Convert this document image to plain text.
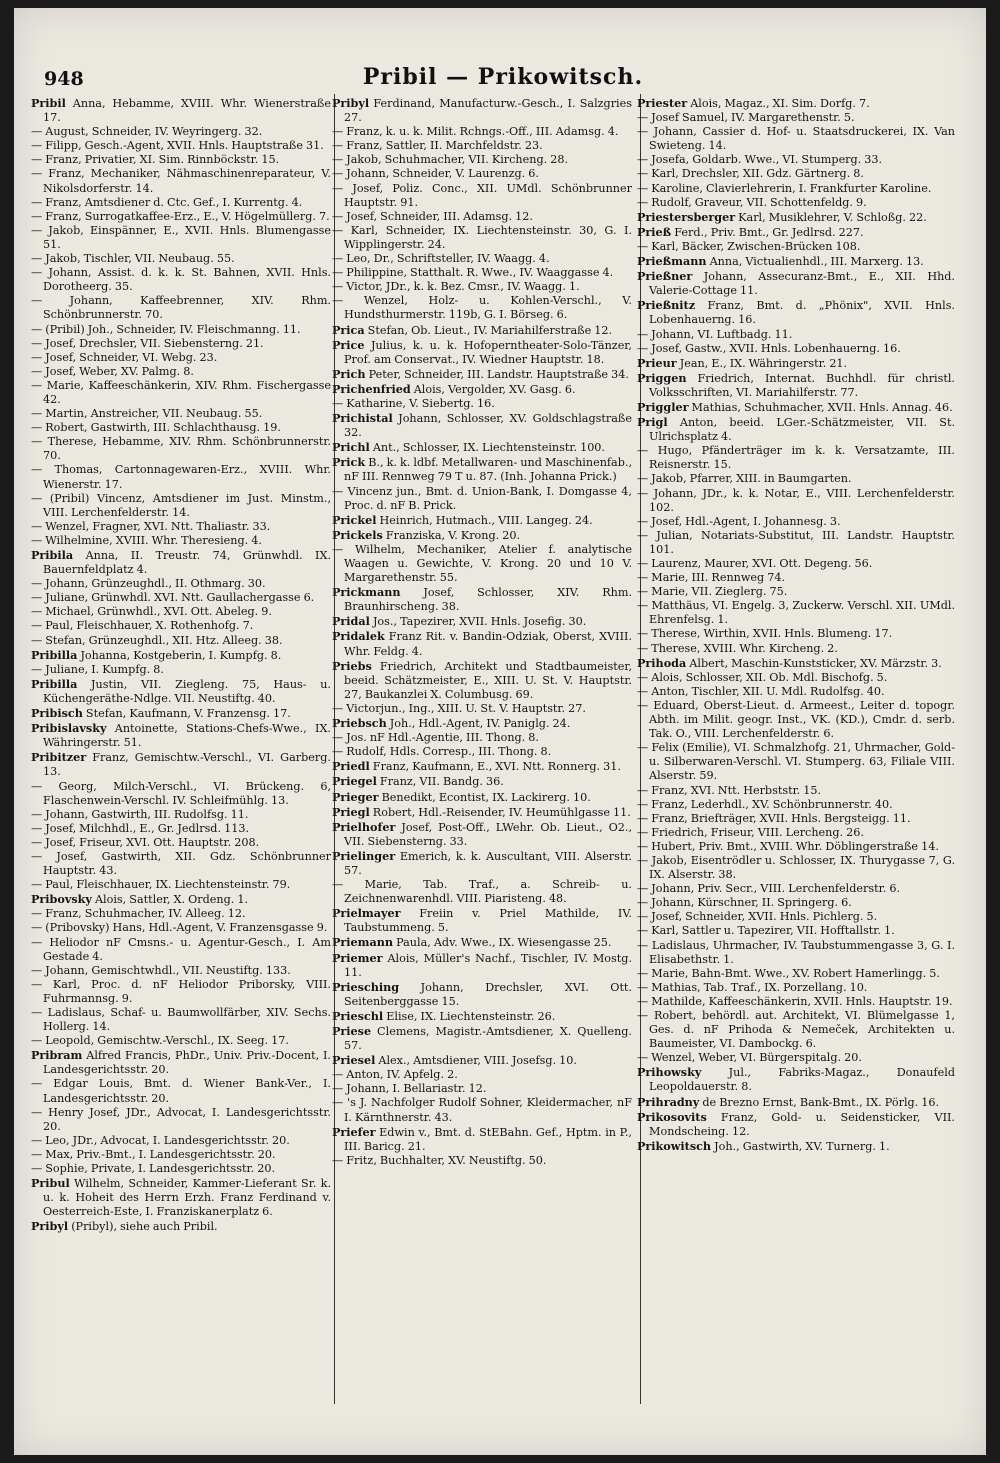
948	Pribil — Prikowitsch.
Pribil Anna, Hebamme, XVIII. Whr. Wienerstraße 17.
— August, Schneider, IV. Weyringerg. 32.
— Filipp, Gesch.-Agent, XVII. Hnls. Hauptstraße 31.
— Franz, Privatier, XI. Sim. Rinnböckstr. 15.
— Franz, Mechaniker, Nähmaschinenreparateur, V. Nikolsdorferstr. 14.
— Franz, Amtsdiener d. Ctc. Gef., I. Kurrentg. 4.
— Franz, Surrogatkaffee-Erz., E., V. Högelmüllerg. 7.
— Jakob, Einspänner, E., XVII. Hnls. Blumengasse 51.
— Jakob, Tischler, VII. Neubaug. 55.
— Johann, Assist. d. k. k. St. Bahnen, XVII. Hnls. Dorotheerg. 35.
— Johann, Kaffeebrenner, XIV. Rhm. Schönbrunnerstr. 70.
— (Pribil) Joh., Schneider, IV. Fleischmanng. 11.
— Josef, Drechsler, VII. Siebensterng. 21.
— Josef, Schneider, VI. Webg. 23.
— Josef, Weber, XV. Palmg. 8.
— Marie, Kaffeeschänkerin, XIV. Rhm. Fischergasse 42.
— Martin, Anstreicher, VII. Neubaug. 55.
— Robert, Gastwirth, III. Schlachthausg. 19.
— Therese, Hebamme, XIV. Rhm. Schönbrunnerstr. 70.
— Thomas, Cartonnagewaren-Erz., XVIII. Whr. Wienerstr. 17.
— (Pribil) Vincenz, Amtsdiener im Just. Minstm., VIII. Lerchenfelderstr. 14.
— Wenzel, Fragner, XVI. Ntt. Thaliastr. 33.
— Wilhelmine, XVIII. Whr. Theresieng. 4.
Pribila Anna, II. Treustr. 74, Grünwhdl. IX. Bauernfeldplatz 4.
— Johann, Grünzeughdl., II. Othmarg. 30.
— Juliane, Grünwhdl. XVI. Ntt. Gaullachergasse 6.
— Michael, Grünwhdl., XVI. Ott. Abeleg. 9.
— Paul, Fleischhauer, X. Rothenhofg. 7.
— Stefan, Grünzeughdl., XII. Htz. Alleeg. 38.
Pribilla Johanna, Kostgeberin, I. Kumpfg. 8.
— Juliane, I. Kumpfg. 8.
Pribilla Justin, VII. Ziegleng. 75, Haus- u. Küchengeräthe-Ndlge. VII. Neustiftg. 40.
Pribisch Stefan, Kaufmann, V. Franzensg. 17.
Pribislavsky Antoinette, Stations-Chefs-Wwe., IX. Währingerstr. 51.
Pribitzer Franz, Gemischtw.-Verschl., VI. Garberg. 13.
— Georg, Milch-Verschl., VI. Brückeng. 6, Flaschenwein-Verschl. IV. Schleifmühlg. 13.
— Johann, Gastwirth, III. Rudolfsg. 11.
— Josef, Milchhdl., E., Gr. Jedlrsd. 113.
— Josef, Friseur, XVI. Ott. Hauptstr. 208.
— Josef, Gastwirth, XII. Gdz. Schönbrunner Hauptstr. 43.
— Paul, Fleischhauer, IX. Liechtensteinstr. 79.
Pribovsky Alois, Sattler, X. Ordeng. 1.
— Franz, Schuhmacher, IV. Alleeg. 12.
— (Pribovsky) Hans, Hdl.-Agent, V. Franzensgasse 9.
— Heliodor nF Cmsns.- u. Agentur-Gesch., I. Am Gestade 4.
— Johann, Gemischtwhdl., VII. Neustiftg. 133.
— Karl, Proc. d. nF Heliodor Priborsky, VIII. Fuhrmannsg. 9.
— Ladislaus, Schaf- u. Baumwollfärber, XIV. Sechs. Hollerg. 14.
— Leopold, Gemischtw.-Verschl., IX. Seeg. 17.
Pribram Alfred Francis, PhDr., Univ. Priv.-Docent, I. Landesgerichtsstr. 20.
— Edgar Louis, Bmt. d. Wiener Bank-Ver., I. Landesgerichtsstr. 20.
— Henry Josef, JDr., Advocat, I. Landesgerichtsstr. 20.
— Leo, JDr., Advocat, I. Landesgerichtsstr. 20.
— Max, Priv.-Bmt., I. Landesgerichtsstr. 20.
— Sophie, Private, I. Landesgerichtsstr. 20.
Pribul Wilhelm, Schneider, Kammer-Lieferant Sr. k. u. k. Hoheit des Herrn Erzh. Franz Ferdinand v. Oesterreich-Este, I. Franziskanerplatz 6.
Pribyl (Pribyl), siehe auch Pribil.
Pribyl Ferdinand, Manufacturw.-Gesch., I. Salzgries 27.
— Franz, k. u. k. Milit. Rchngs.-Off., III. Adamsg. 4.
— Franz, Sattler, II. Marchfeldstr. 23.
— Jakob, Schuhmacher, VII. Kircheng. 28.
— Johann, Schneider, V. Laurenzg. 6.
— Josef, Poliz. Conc., XII. UMdl. Schönbrunner Hauptstr. 91.
— Josef, Schneider, III. Adamsg. 12.
— Karl, Schneider, IX. Liechtensteinstr. 30, G. I. Wipplingerstr. 24.
— Leo, Dr., Schriftsteller, IV. Waagg. 4.
— Philippine, Statthalt. R. Wwe., IV. Waaggasse 4.
— Victor, JDr., k. k. Bez. Cmsr., IV. Waagg. 1.
— Wenzel, Holz- u. Kohlen-Verschl., V. Hundsthurmerstr. 119b, G. I. Börseg. 6.
Prica Stefan, Ob. Lieut., IV. Mariahilferstraße 12.
Price Julius, k. u. k. Hofoperntheater-Solo-Tänzer, Prof. am Conservat., IV. Wiedner Hauptstr. 18.
Prich Peter, Schneider, III. Landstr. Hauptstraße 34.
Prichenfried Alois, Vergolder, XV. Gasg. 6.
— Katharine, V. Siebertg. 16.
Prichistal Johann, Schlosser, XV. Goldschlagstraße 32.
Prichl Ant., Schlosser, IX. Liechtensteinstr. 100.
Prick B., k. k. ldbf. Metallwaren- und Maschinenfab., nF III. Rennweg 79 T u. 87. (Inh. Johanna Prick.)
— Vincenz jun., Bmt. d. Union-Bank, I. Domgasse 4, Proc. d. nF B. Prick.
Prickel Heinrich, Hutmach., VIII. Langeg. 24.
Prickels Franziska, V. Krong. 20.
— Wilhelm, Mechaniker, Atelier f. analytische Waagen u. Gewichte, V. Krong. 20 und 10 V. Margarethenstr. 55.
Prickmann Josef, Schlosser, XIV. Rhm. Braunhirscheng. 38.
Pridal Jos., Tapezirer, XVII. Hnls. Josefig. 30.
Pridalek Franz Rit. v. Bandin-Odziak, Oberst, XVIII. Whr. Feldg. 4.
Priebs Friedrich, Architekt und Stadtbaumeister, beeid. Schätzmeister, E., XIII. U. St. V. Hauptstr. 27, Baukanzlei X. Columbusg. 69.
— Victorjun., Ing., XIII. U. St. V. Hauptstr. 27.
Priebsch Joh., Hdl.-Agent, IV. Paniglg. 24.
— Jos. nF Hdl.-Agentie, III. Thong. 8.
— Rudolf, Hdls. Corresp., III. Thong. 8.
Priedl Franz, Kaufmann, E., XVI. Ntt. Ronnerg. 31.
Priegel Franz, VII. Bandg. 36.
Prieger Benedikt, Econtist, IX. Lackirerg. 10.
Priegl Robert, Hdl.-Reisender, IV. Heumühlgasse 11.
Prielhofer Josef, Post-Off., LWehr. Ob. Lieut., O2., VII. Siebensterng. 33.
Prielinger Emerich, k. k. Auscultant, VIII. Alserstr. 57.
— Marie, Tab. Traf., a. Schreib- u. Zeichnenwarenhdl. VIII. Piaristeng. 48.
Prielmayer Freiin v. Priel Mathilde, IV. Taubstummeng. 5.
Priemann Paula, Adv. Wwe., IX. Wiesengasse 25.
Priemer Alois, Müller's Nachf., Tischler, IV. Mostg. 11.
Priesching Johann, Drechsler, XVI. Ott. Seitenberggasse 15.
Prieschl Elise, IX. Liechtensteinstr. 26.
Priese Clemens, Magistr.-Amtsdiener, X. Quelleng. 57.
Priesel Alex., Amtsdiener, VIII. Josefsg. 10.
— Anton, IV. Apfelg. 2.
— Johann, I. Bellariastr. 12.
— 's J. Nachfolger Rudolf Sohner, Kleidermacher, nF I. Kärnthnerstr. 43.
Priefer Edwin v., Bmt. d. StEBahn. Gef., Hptm. in P., III. Baricg. 21.
— Fritz, Buchhalter, XV. Neustiftg. 50.
Priester Alois, Magaz., XI. Sim. Dorfg. 7.
— Josef Samuel, IV. Margarethenstr. 5.
— Johann, Cassier d. Hof- u. Staatsdruckerei, IX. Van Swieteng. 14.
— Josefa, Goldarb. Wwe., VI. Stumperg. 33.
— Karl, Drechsler, XII. Gdz. Gärtnerg. 8.
— Karoline, Clavierlehrerin, I. Frankfurter Karoline.
— Rudolf, Graveur, VII. Schottenfeldg. 9.
Priestersberger Karl, Musiklehrer, V. Schloßg. 22.
Prieß Ferd., Priv. Bmt., Gr. Jedlrsd. 227.
— Karl, Bäcker, Zwischen-Brücken 108.
Prießmann Anna, Victualienhdl., III. Marxerg. 13.
Prießner Johann, Assecuranz-Bmt., E., XII. Hhd. Valerie-Cottage 11.
Prießnitz Franz, Bmt. d. „Phönix", XVII. Hnls. Lobenhauerng. 16.
— Johann, VI. Luftbadg. 11.
— Josef, Gastw., XVII. Hnls. Lobenhauerng. 16.
Prieur Jean, E., IX. Währingerstr. 21.
Priggen Friedrich, Internat. Buchhdl. für christl. Volksschriften, VI. Mariahilferstr. 77.
Priggler Mathias, Schuhmacher, XVII. Hnls. Annag. 46.
Prigl Anton, beeid. LGer.-Schätzmeister, VII. St. Ulrichsplatz 4.
— Hugo, Pfänderträger im k. k. Versatzamte, III. Reisnerstr. 15.
— Jakob, Pfarrer, XIII. in Baumgarten.
— Johann, JDr., k. k. Notar, E., VIII. Lerchenfelderstr. 102.
— Josef, Hdl.-Agent, I. Johannesg. 3.
— Julian, Notariats-Substitut, III. Landstr. Hauptstr. 101.
— Laurenz, Maurer, XVI. Ott. Degeng. 56.
— Marie, III. Rennweg 74.
— Marie, VII. Zieglerg. 75.
— Matthäus, VI. Engelg. 3, Zuckerw. Verschl. XII. UMdl. Ehrenfelsg. 1.
— Therese, Wirthin, XVII. Hnls. Blumeng. 17.
— Therese, XVIII. Whr. Kircheng. 2.
Prihoda Albert, Maschin-Kunststicker, XV. Märzstr. 3.
— Alois, Schlosser, XII. Ob. Mdl. Bischofg. 5.
— Anton, Tischler, XII. U. Mdl. Rudolfsg. 40.
— Eduard, Oberst-Lieut. d. Armeest., Leiter d. topogr. Abth. im Milit. geogr. Inst., VK. (KD.), Cmdr. d. serb. Tak. O., VIII. Lerchenfelderstr. 6.
— Felix (Emilie), VI. Schmalzhofg. 21, Uhrmacher, Gold- u. Silberwaren-Verschl. VI. Stumperg. 63, Filiale VIII. Alserstr. 59.
— Franz, XVI. Ntt. Herbststr. 15.
— Franz, Lederhdl., XV. Schönbrunnerstr. 40.
— Franz, Briefträger, XVII. Hnls. Bergsteigg. 11.
— Friedrich, Friseur, VIII. Lercheng. 26.
— Hubert, Priv. Bmt., XVIII. Whr. Döblingerstraße 14.
— Jakob, Eisentrödler u. Schlosser, IX. Thurygasse 7, G. IX. Alserstr. 38.
— Johann, Priv. Secr., VIII. Lerchenfelderstr. 6.
— Johann, Kürschner, II. Springerg. 6.
— Josef, Schneider, XVII. Hnls. Pichlerg. 5.
— Karl, Sattler u. Tapezirer, VII. Hofftallstr. 1.
— Ladislaus, Uhrmacher, IV. Taubstummengasse 3, G. I. Elisabethstr. 1.
— Marie, Bahn-Bmt. Wwe., XV. Robert Hamerlingg. 5.
— Mathias, Tab. Traf., IX. Porzellang. 10.
— Mathilde, Kaffeeschänkerin, XVII. Hnls. Hauptstr. 19.
— Robert, behördl. aut. Architekt, VI. Blümelgasse 1, Ges. d. nF Prihoda & Nemeček, Architekten u. Baumeister, VI. Dambockg. 6.
— Wenzel, Weber, VI. Bürgerspitalg. 20.
Prihowsky Jul., Fabriks-Magaz., Donaufeld Leopoldauerstr. 8.
Prihradny de Brezno Ernst, Bank-Bmt., IX. Pörlg. 16.
Prikosovits Franz, Gold- u. Seidensticker, VII. Mondscheing. 12.
Prikowitsch Joh., Gastwirth, XV. Turnerg. 1.
